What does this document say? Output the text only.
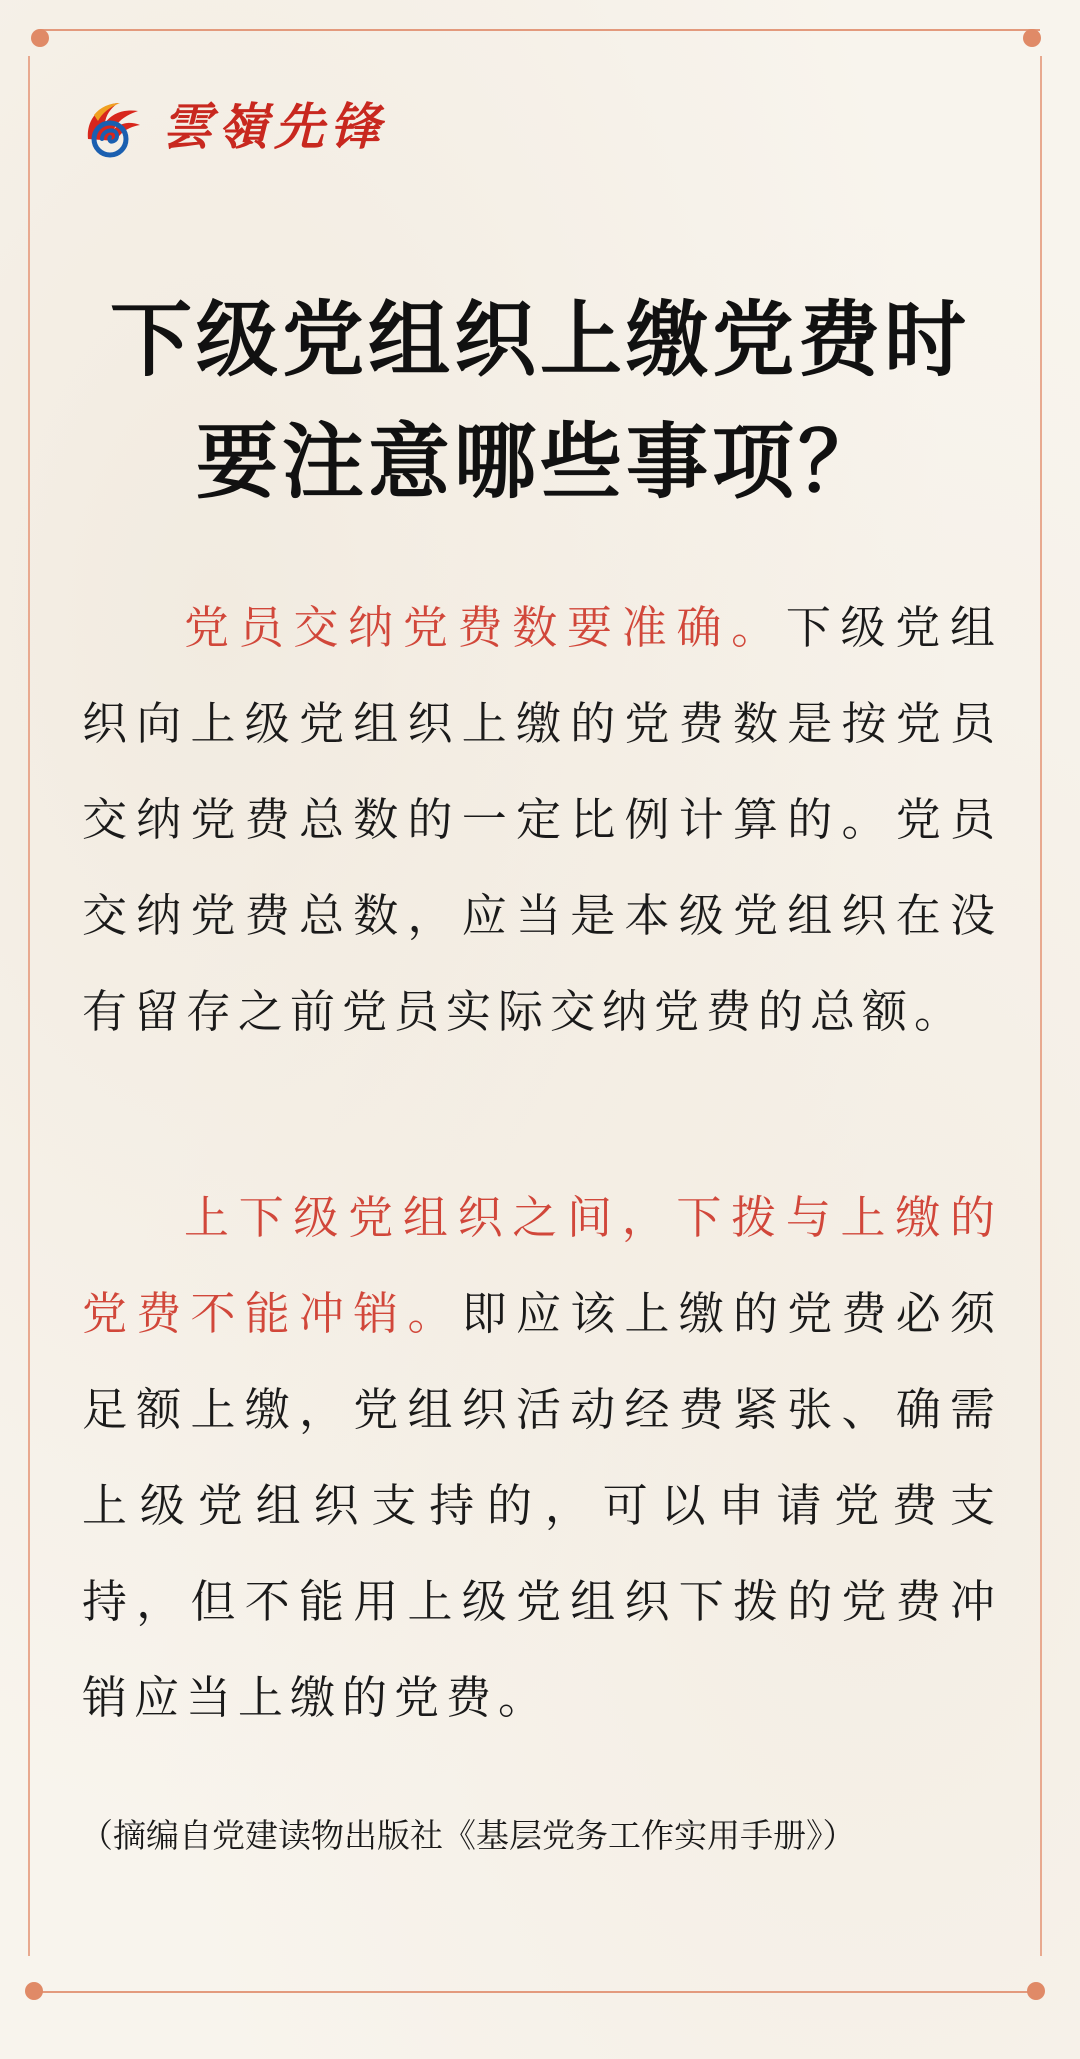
雲嶺先锋
下级党组织上缴党费时
要注意哪些事项？
党员交纳党费数要准确。下级党组织向上级党组织上缴的党费数是按党员交纳党费总数的一定比例计算的。党员交纳党费总数，应当是本级党组织在没有留存之前党员实际交纳党费的总额。
上下级党组织之间，下拨与上缴的党费不能冲销。即应该上缴的党费必须足额上缴，党组织活动经费紧张、确需上级党组织支持的，可以申请党费支持，但不能用上级党组织下拨的党费冲销应当上缴的党费。
（摘编自党建读物出版社《基层党务工作实用手册》）
